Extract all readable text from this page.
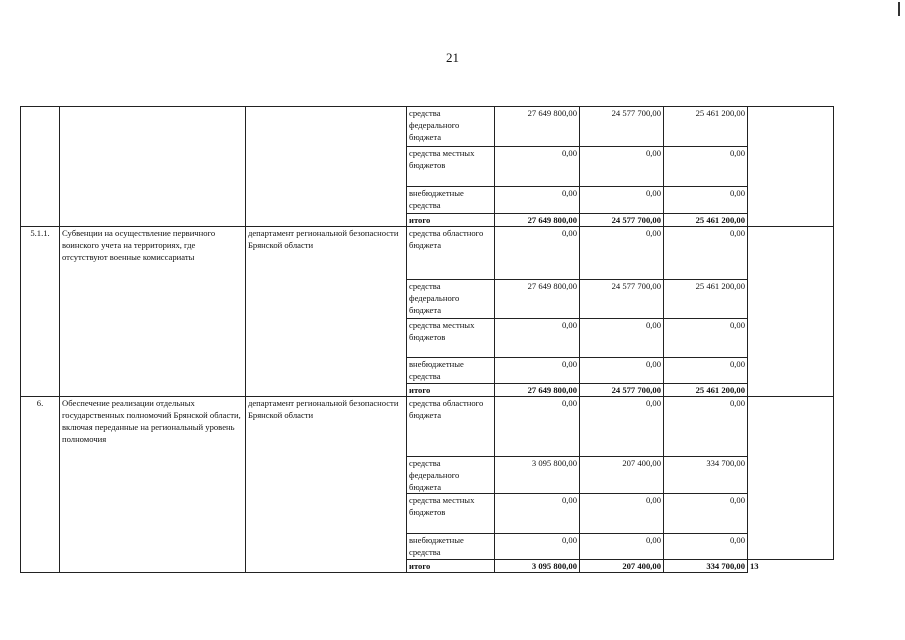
21
			средства федерального бюджета	27 649 800,00	24 577 700,00	25 461 200,00	
			средства местных бюджетов	0,00	0,00	0,00	
			внебюджетные средства	0,00	0,00	0,00	
			итого	27 649 800,00	24 577 700,00	25 461 200,00	
5.1.1.	Субвенции на осуществление первичного воинского учета на территориях, где отсутствуют военные комиссариаты	департамент региональной безопасности Брянской области	средства областного бюджета	0,00	0,00	0,00	
			средства федерального бюджета	27 649 800,00	24 577 700,00	25 461 200,00	
			средства местных бюджетов	0,00	0,00	0,00	
			внебюджетные средства	0,00	0,00	0,00	
			итого	27 649 800,00	24 577 700,00	25 461 200,00	
6.	Обеспечение реализации отдельных государственных полномочий Брянской области, включая переданные на региональный уровень полномочия	департамент региональной безопасности Брянской области	средства областного бюджета	0,00	0,00	0,00	
			средства федерального бюджета	3 095 800,00	207 400,00	334 700,00	
			средства местных бюджетов	0,00	0,00	0,00	
			внебюджетные средства	0,00	0,00	0,00	
			итого	3 095 800,00	207 400,00	334 700,00	13
